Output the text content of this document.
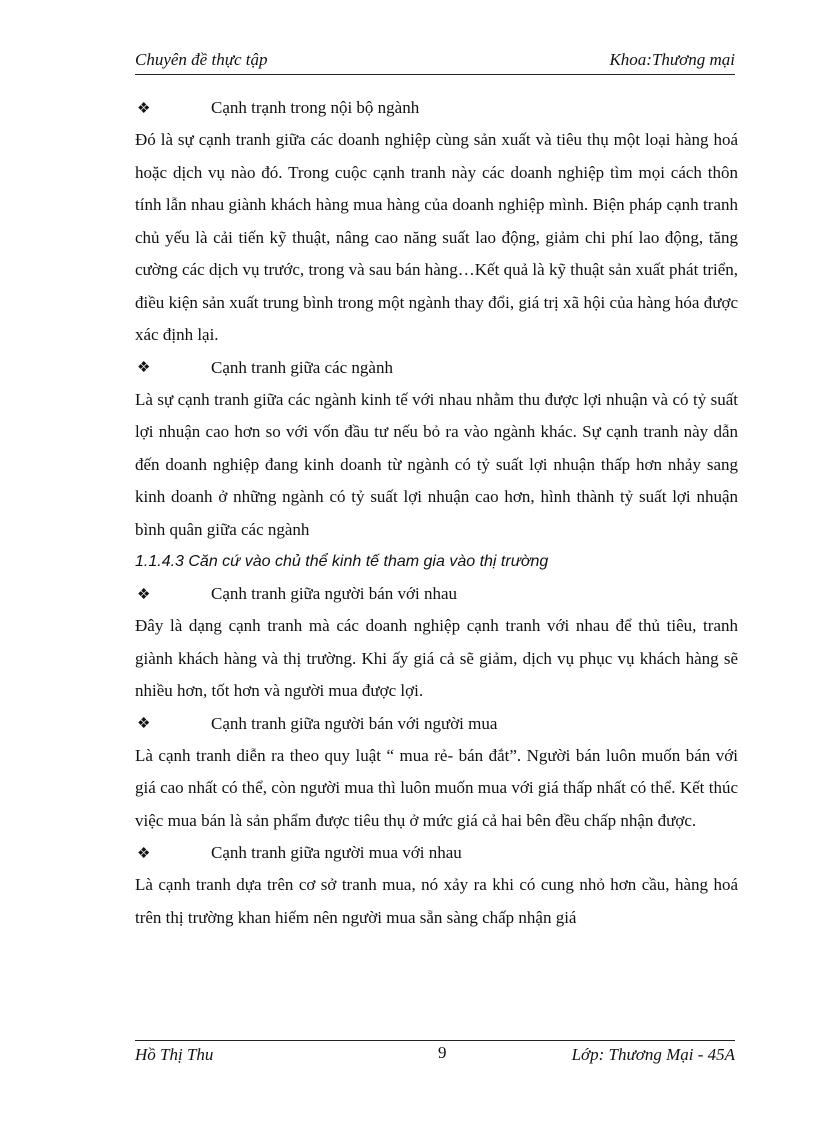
Chuyên đề thực tập	Khoa:Thương mại
❖	Cạnh trạnh trong nội bộ ngành

Đó là sự cạnh tranh giữa các doanh nghiệp cùng sản xuất và tiêu thụ một loại hàng hoá hoặc dịch vụ nào đó. Trong cuộc cạnh tranh này các doanh nghiệp tìm mọi cách thôn tính lẫn nhau giành khách hàng mua hàng của doanh nghiệp mình. Biện pháp cạnh tranh chủ yếu là cải tiến kỹ thuật, nâng cao năng suất lao động, giảm chi phí lao động, tăng cường các dịch vụ trước, trong và sau bán hàng…Kết quả là kỹ thuật sản xuất phát triển, điều kiện sản xuất trung bình trong một ngành thay đổi, giá trị xã hội của hàng hóa được xác định lại.

❖	Cạnh tranh giữa các ngành

Là sự cạnh tranh giữa các ngành kinh tế với nhau nhằm thu được lợi nhuận và có tỷ suất lợi nhuận cao hơn so với vốn đầu tư nếu bỏ ra vào ngành khác. Sự cạnh tranh này dẫn đến doanh nghiệp đang kinh doanh từ ngành có tỷ suất lợi nhuận thấp hơn nhảy sang kinh doanh ở những ngành có tỷ suất lợi nhuận cao hơn, hình thành tỷ suất lợi nhuận bình quân giữa các ngành

1.1.4.3 Căn cứ vào chủ thể kinh tế tham gia vào thị trường
❖	Cạnh tranh giữa người bán với nhau

Đây là dạng cạnh tranh mà các doanh nghiệp cạnh tranh với nhau để thủ tiêu, tranh giành khách hàng và thị trường. Khi ấy giá cả sẽ giảm, dịch vụ phục vụ khách hàng sẽ nhiều hơn, tốt hơn và người mua được lợi.

❖	Cạnh tranh giữa người bán với người mua

Là cạnh tranh diễn ra theo quy luật “ mua rẻ- bán đắt”. Người bán luôn muốn bán với giá cao nhất có thể, còn người mua thì luôn muốn mua với giá thấp nhất có thể. Kết thúc việc mua bán là sản phẩm được tiêu thụ ở mức giá cả hai bên đều chấp nhận được.

❖	Cạnh tranh giữa người mua với nhau

Là cạnh tranh dựa trên cơ sở tranh mua, nó xảy ra khi có cung nhỏ hơn cầu, hàng hoá trên thị trường khan hiếm nên người mua sẵn sàng chấp nhận giá

Hồ Thị Thu	9	Lớp: Thương Mại - 45A
